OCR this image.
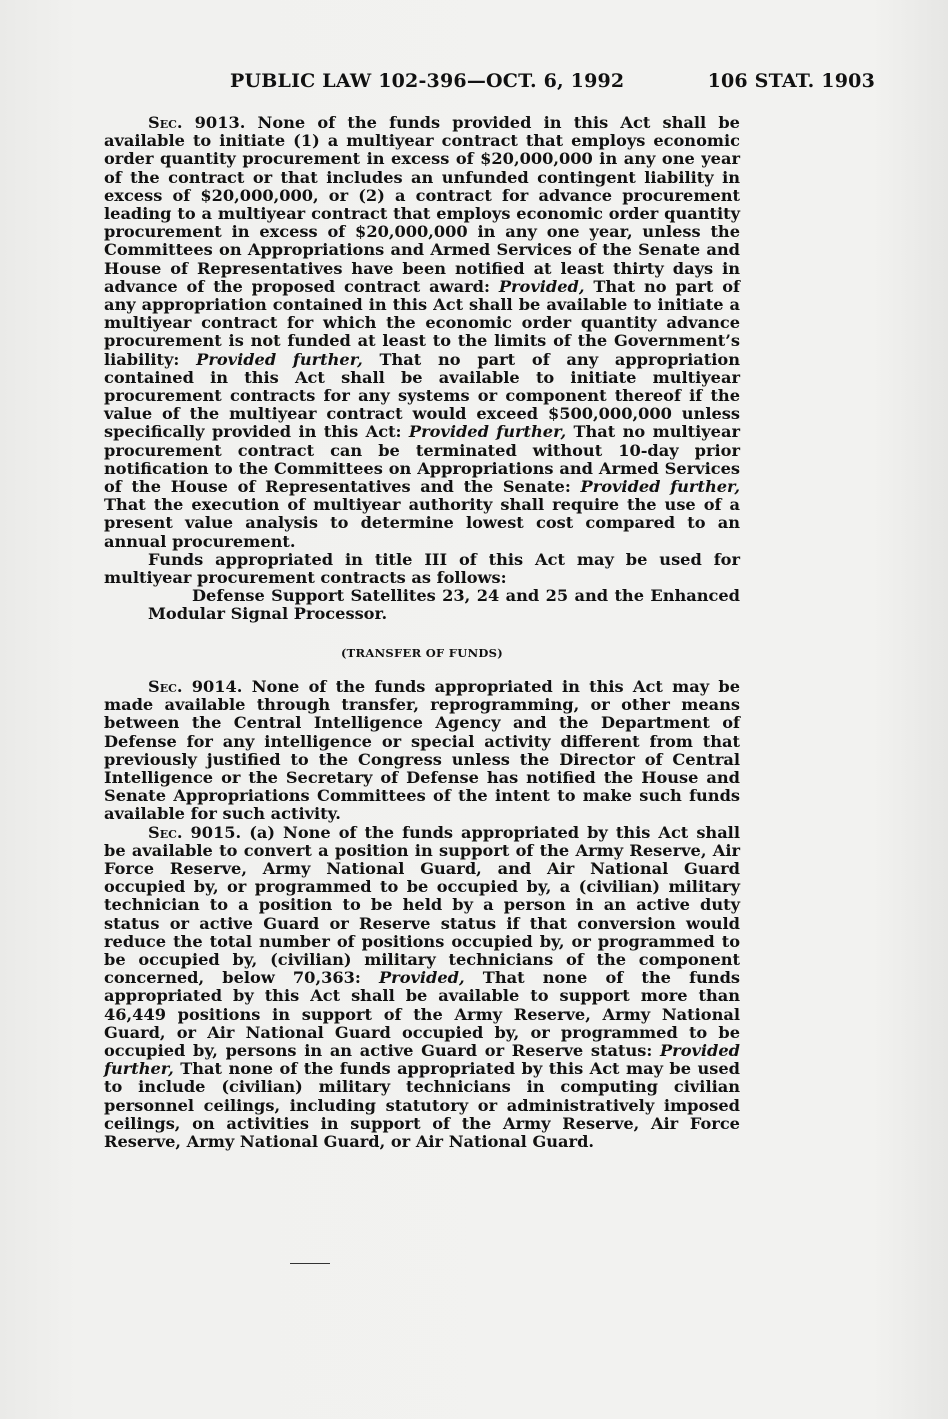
PUBLIC LAW 102-396—OCT. 6, 1992	106 STAT. 1903

Sec. 9013. None of the funds provided in this Act shall be available to initiate (1) a multiyear contract that employs economic order quantity procurement in excess of $20,000,000 in any one year of the contract or that includes an unfunded contingent liability in excess of $20,000,000, or (2) a contract for advance procurement leading to a multiyear contract that employs economic order quantity procurement in excess of $20,000,000 in any one year, unless the Committees on Appropriations and Armed Services of the Senate and House of Representatives have been notified at least thirty days in advance of the proposed contract award: Provided, That no part of any appropriation contained in this Act shall be available to initiate a multiyear contract for which the economic order quantity advance procurement is not funded at least to the limits of the Government’s liability: Provided further, That no part of any appropriation contained in this Act shall be available to initiate multiyear procurement contracts for any systems or component thereof if the value of the multiyear contract would exceed $500,000,000 unless specifically provided in this Act: Provided further, That no multiyear procurement contract can be terminated without 10-day prior notification to the Committees on Appropriations and Armed Services of the House of Representatives and the Senate: Provided further, That the execution of multiyear authority shall require the use of a present value analysis to determine lowest cost compared to an annual procurement.

Funds appropriated in title III of this Act may be used for multiyear procurement contracts as follows:

Defense Support Satellites 23, 24 and 25 and the Enhanced Modular Signal Processor.

(TRANSFER OF FUNDS)

Sec. 9014. None of the funds appropriated in this Act may be made available through transfer, reprogramming, or other means between the Central Intelligence Agency and the Department of Defense for any intelligence or special activity different from that previously justified to the Congress unless the Director of Central Intelligence or the Secretary of Defense has notified the House and Senate Appropriations Committees of the intent to make such funds available for such activity.

Sec. 9015. (a) None of the funds appropriated by this Act shall be available to convert a position in support of the Army Reserve, Air Force Reserve, Army National Guard, and Air National Guard occupied by, or programmed to be occupied by, a (civilian) military technician to a position to be held by a person in an active duty status or active Guard or Reserve status if that conversion would reduce the total number of positions occupied by, or programmed to be occupied by, (civilian) military technicians of the component concerned, below 70,363: Provided, That none of the funds appropriated by this Act shall be available to support more than 46,449 positions in support of the Army Reserve, Army National Guard, or Air National Guard occupied by, or programmed to be occupied by, persons in an active Guard or Reserve status: Provided further, That none of the funds appropriated by this Act may be used to include (civilian) military technicians in computing civilian personnel ceilings, including statutory or administratively imposed ceilings, on activities in support of the Army Reserve, Air Force Reserve, Army National Guard, or Air National Guard.
